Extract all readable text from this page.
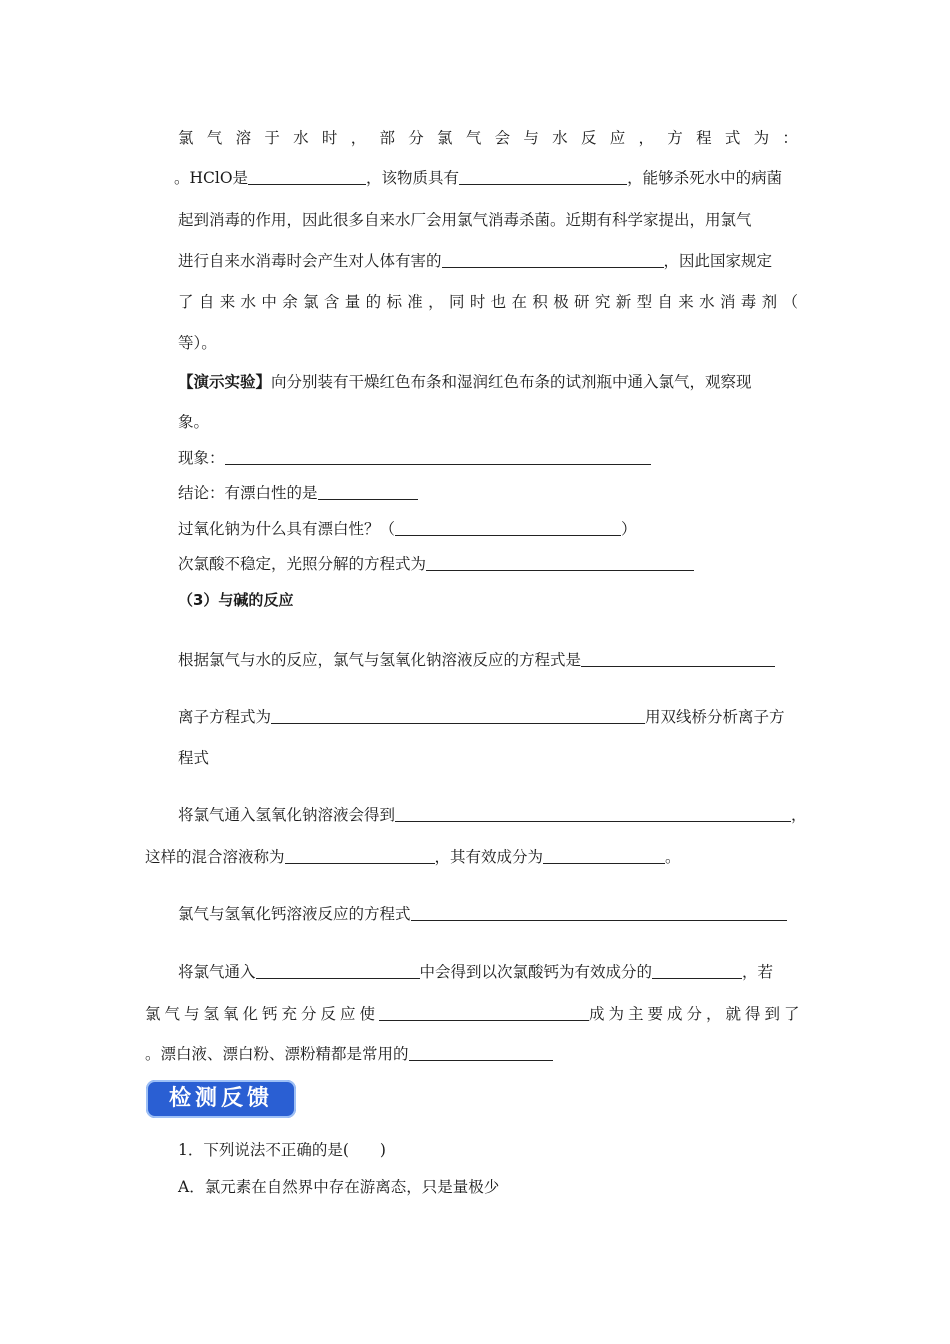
氯 气 溶 于 水 时 ， 部 分 氯 气 会 与 水 反 应 ， 方 程 式 为 ：
。HClO是	，该物质具有	，能够杀死水中的病菌
起到消毒的作用，因此很多自来水厂会用氯气消毒杀菌。近期有科学家提出，用氯气
进行自来水消毒时会产生对人体有害的	，因此国家规定
了 自 来 水 中 余 氯 含 量 的 标 准 ， 同 时 也 在 积 极 研 究 新 型 自 来 水 消 毒 剂 （
等）。
【演示实验】向分别装有干燥红色布条和湿润红色布条的试剂瓶中通入氯气，观察现
象。
现象：
结论：有漂白性的是
过氧化钠为什么具有漂白性？（	）
次氯酸不稳定，光照分解的方程式为
（3）与碱的反应
根据氯气与水的反应，氯气与氢氧化钠溶液反应的方程式是
离子方程式为	用双线桥分析离子方
程式
将氯气通入氢氧化钠溶液会得到	，
这样的混合溶液称为	，其有效成分为	。
氯气与氢氧化钙溶液反应的方程式
将氯气通入	中会得到以次氯酸钙为有效成分的	，若
氯气与氢氧化钙充分反应使	成为主要成分，就得到了
。漂白液、漂白粉、漂粉精都是常用的
检测反馈
1．下列说法不正确的是(　　)
A．氯元素在自然界中存在游离态，只是量极少
